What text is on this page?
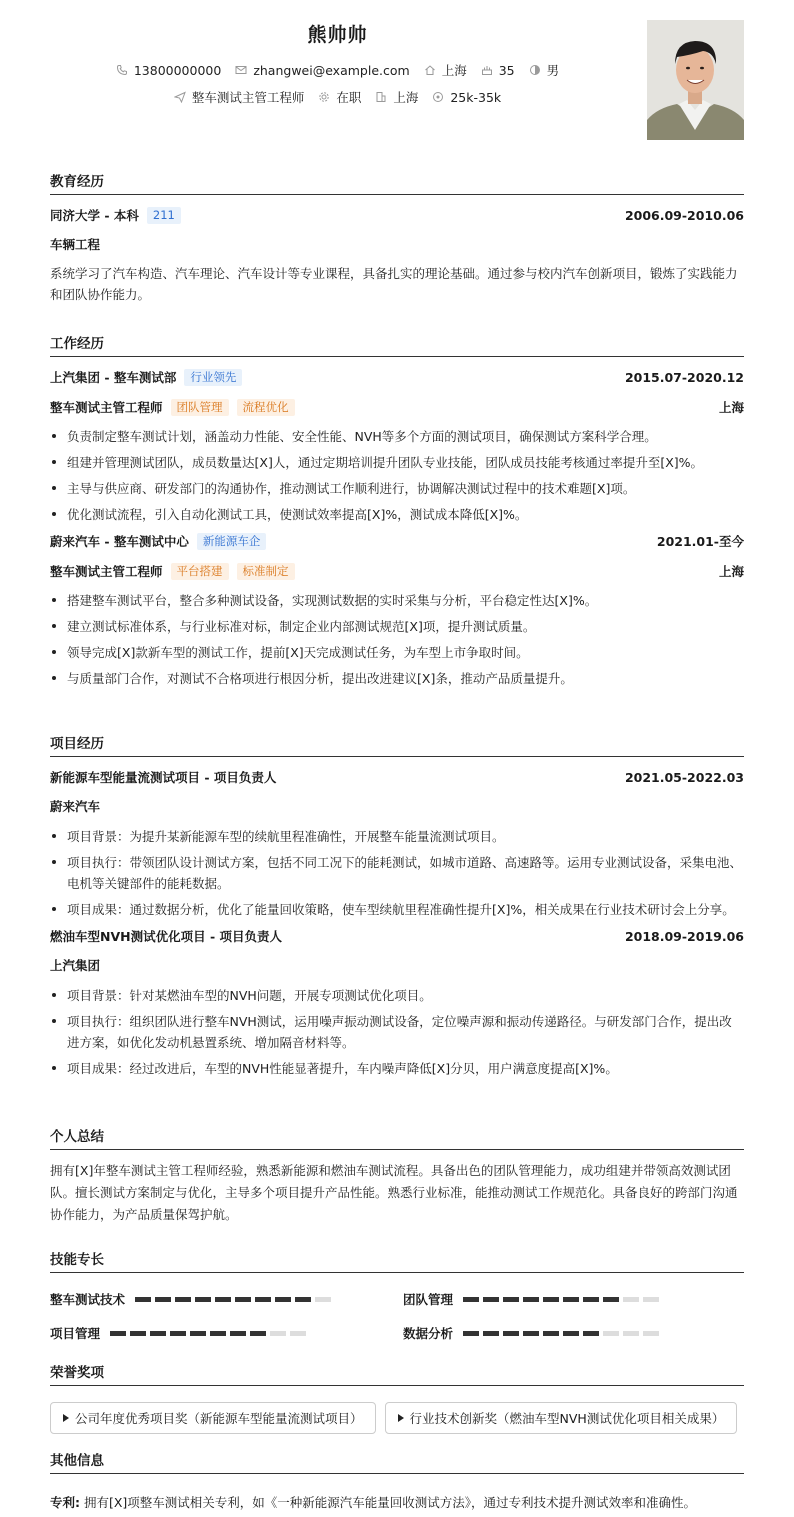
熊帅帅
13800000000	zhangwei@example.com	上海	35	男
整车测试主管工程师	在职	上海	25k-35k
教育经历
同济大学 - 本科	211	2006.09-2010.06
车辆工程
系统学习了汽车构造、汽车理论、汽车设计等专业课程，具备扎实的理论基础。通过参与校内汽车创新项目，锻炼了实践能力和团队协作能力。
工作经历
上汽集团 - 整车测试部	行业领先	2015.07-2020.12
整车测试主管工程师	团队管理	流程优化	上海
负责制定整车测试计划，涵盖动力性能、安全性能、NVH等多个方面的测试项目，确保测试方案科学合理。
组建并管理测试团队，成员数量达[X]人，通过定期培训提升团队专业技能，团队成员技能考核通过率提升至[X]%。
主导与供应商、研发部门的沟通协作，推动测试工作顺利进行，协调解决测试过程中的技术难题[X]项。
优化测试流程，引入自动化测试工具，使测试效率提高[X]%，测试成本降低[X]%。
蔚来汽车 - 整车测试中心	新能源车企	2021.01-至今
整车测试主管工程师	平台搭建	标准制定	上海
搭建整车测试平台，整合多种测试设备，实现测试数据的实时采集与分析，平台稳定性达[X]%。
建立测试标准体系，与行业标准对标，制定企业内部测试规范[X]项，提升测试质量。
领导完成[X]款新车型的测试工作，提前[X]天完成测试任务，为车型上市争取时间。
与质量部门合作，对测试不合格项进行根因分析，提出改进建议[X]条，推动产品质量提升。
项目经历
新能源车型能量流测试项目 - 项目负责人	2021.05-2022.03
蔚来汽车
项目背景：为提升某新能源车型的续航里程准确性，开展整车能量流测试项目。
项目执行：带领团队设计测试方案，包括不同工况下的能耗测试，如城市道路、高速路等。运用专业测试设备，采集电池、电机等关键部件的能耗数据。
项目成果：通过数据分析，优化了能量回收策略，使车型续航里程准确性提升[X]%，相关成果在行业技术研讨会上分享。
燃油车型NVH测试优化项目 - 项目负责人	2018.09-2019.06
上汽集团
项目背景：针对某燃油车型的NVH问题，开展专项测试优化项目。
项目执行：组织团队进行整车NVH测试，运用噪声振动测试设备，定位噪声源和振动传递路径。与研发部门合作，提出改进方案，如优化发动机悬置系统、增加隔音材料等。
项目成果：经过改进后，车型的NVH性能显著提升，车内噪声降低[X]分贝，用户满意度提高[X]%。
个人总结
拥有[X]年整车测试主管工程师经验，熟悉新能源和燃油车测试流程。具备出色的团队管理能力，成功组建并带领高效测试团队。擅长测试方案制定与优化，主导多个项目提升产品性能。熟悉行业标准，能推动测试工作规范化。具备良好的跨部门沟通协作能力，为产品质量保驾护航。
技能专长
整车测试技术	团队管理
项目管理	数据分析
荣誉奖项
公司年度优秀项目奖（新能源车型能量流测试项目）	行业技术创新奖（燃油车型NVH测试优化项目相关成果）
其他信息
专利: 拥有[X]项整车测试相关专利，如《一种新能源汽车能量回收测试方法》，通过专利技术提升测试效率和准确性。
